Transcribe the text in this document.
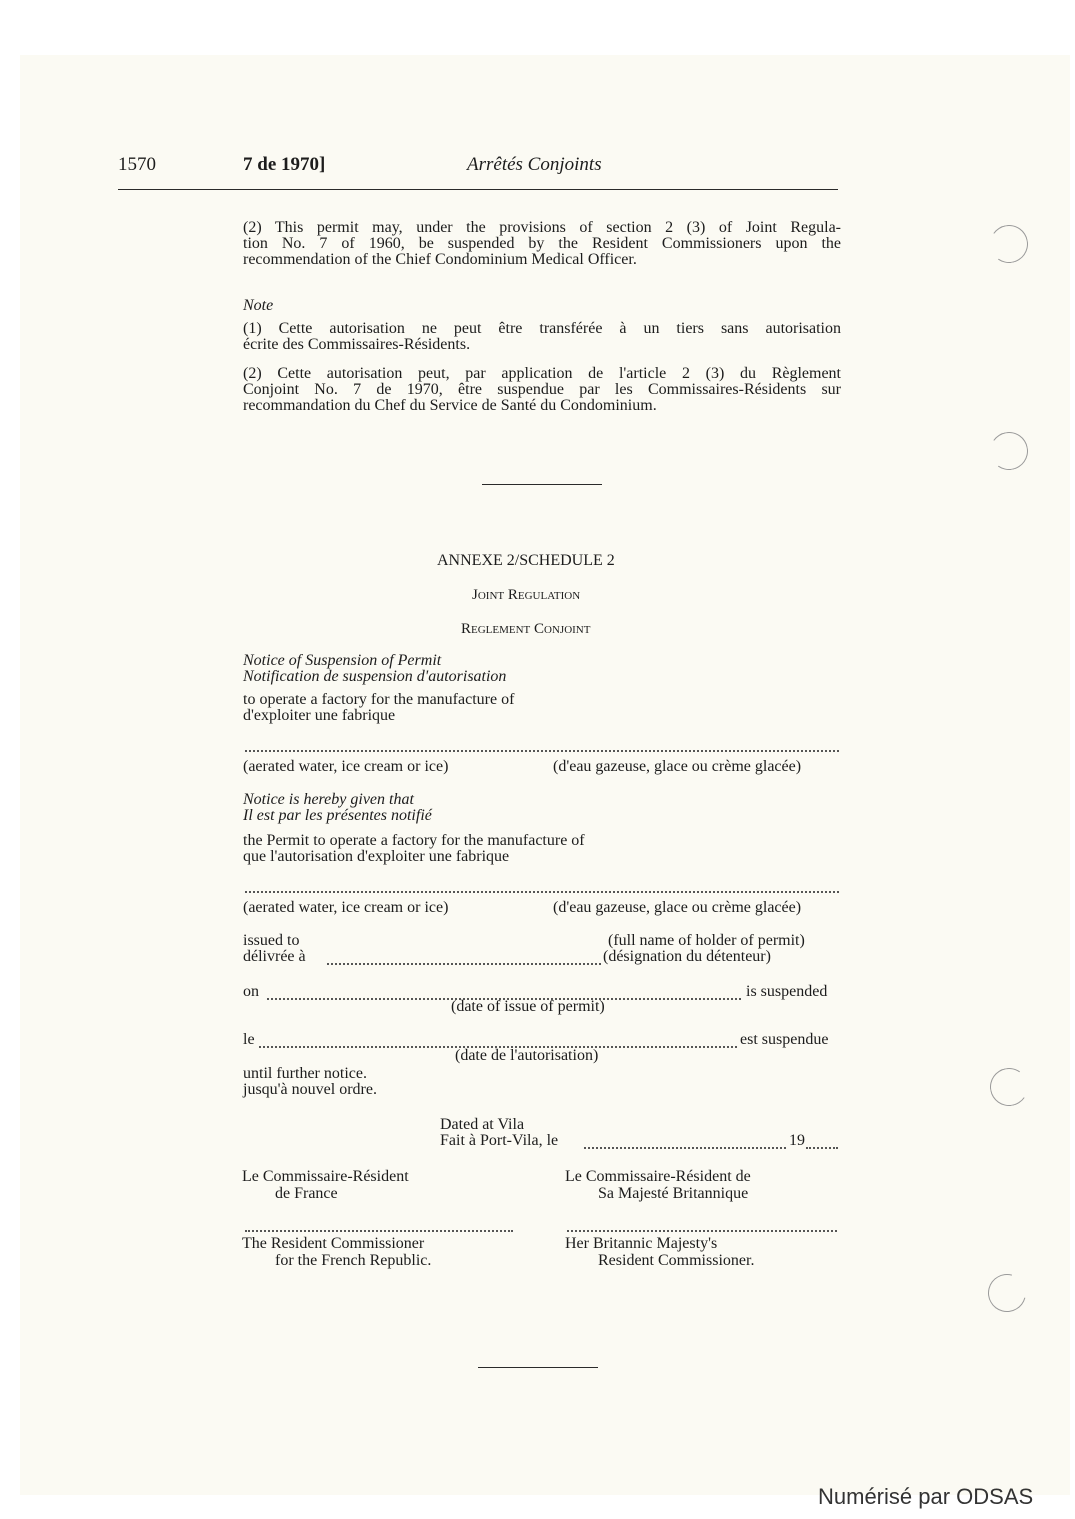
1570	7 de 1970]	Arrêtés Conjoints
(2) This permit may, under the provisions of section 2 (3) of Joint Regula-
tion No. 7 of 1960, be suspended by the Resident Commissioners upon the
recommendation of the Chief Condominium Medical Officer.
Note
(1) Cette autorisation ne peut être transférée à un tiers sans autorisation
écrite des Commissaires-Résidents.
(2) Cette autorisation peut, par application de l'article 2 (3) du Règlement
Conjoint No. 7 de 1970, être suspendue par les Commissaires-Résidents sur
recommandation du Chef du Service de Santé du Condominium.
ANNEXE 2/SCHEDULE 2
Joint Regulation
Reglement Conjoint
Notice of Suspension of Permit
Notification de suspension d'autorisation
to operate a factory for the manufacture of
d'exploiter une fabrique
(aerated water, ice cream or ice)	(d'eau gazeuse, glace ou crème glacée)
Notice is hereby given that
Il est par les présentes notifié
the Permit to operate a factory for the manufacture of
que l'autorisation d'exploiter une fabrique
(aerated water, ice cream or ice)	(d'eau gazeuse, glace ou crème glacée)
issued to	(full name of holder of permit)
délivrée à	(désignation du détenteur)
on	is suspended
(date of issue of permit)
le	est suspendue
(date de l'autorisation)
until further notice.
jusqu'à nouvel ordre.
Dated at Vila
Fait à Port-Vila, le	19
Le Commissaire-Résident
de France
Le Commissaire-Résident de
Sa Majesté Britannique
The Resident Commissioner
for the French Republic.
Her Britannic Majesty's
Resident Commissioner.
Numérisé par ODSAS
